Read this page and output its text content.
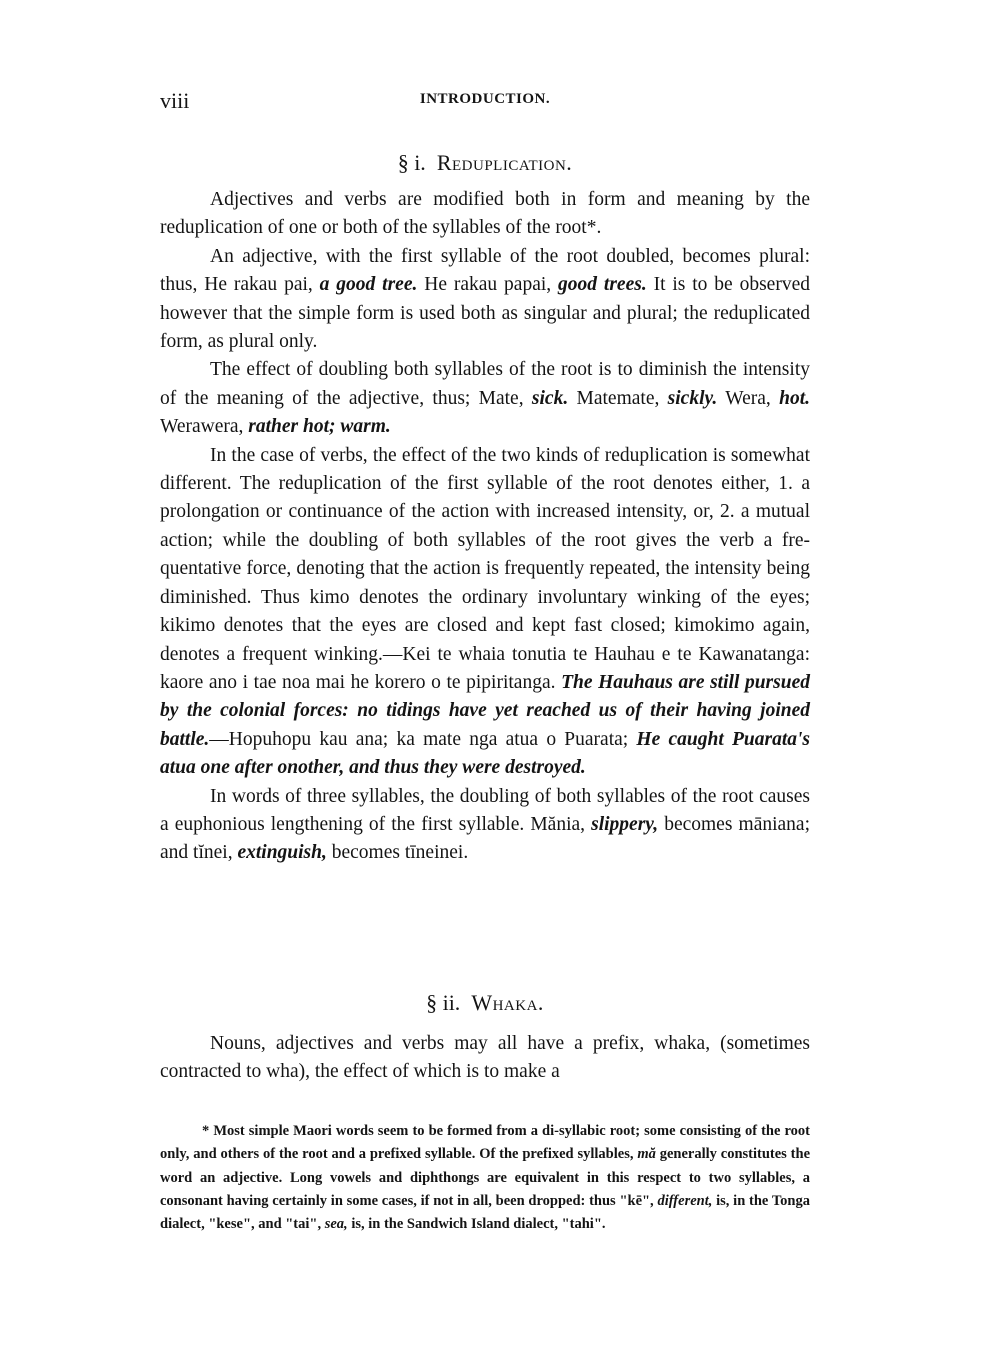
viii	INTRODUCTION.
§ i. Reduplication.

Adjectives and verbs are modified both in form and meaning by the reduplication of one or both of the syllables of the root*.

An adjective, with the first syllable of the root doubled, becomes plural: thus, He rakau pai, a good tree. He rakau papai, good trees. It is to be observed however that the simple form is used both as singular and plural; the reduplicated form, as plural only.

The effect of doubling both syllables of the root is to diminish the intensity of the meaning of the adjective, thus; Mate, sick. Matemate, sickly. Wera, hot. Werawera, rather hot; warm.

In the case of verbs, the effect of the two kinds of reduplication is somewhat different. The reduplication of the first syllable of the root denotes either, 1. a prolongation or continuance of the action with increased intensity, or, 2. a mutual action; while the doubling of both syllables of the root gives the verb a frequentative force, denoting that the action is frequently repeated, the intensity being diminished. Thus kimo denotes the ordinary involuntary winking of the eyes; kikimo denotes that the eyes are closed and kept fast closed; kimokimo again, denotes a frequent winking.—Kei te whaia tonutia te Hauhau e te Kawanatanga: kaore ano i tae noa mai he korero o te pipiritanga. The Hauhaus are still pursued by the colonial forces: no tidings have yet reached us of their having joined battle.—Hopuhopu kau ana; ka mate nga atua o Puarata; He caught Puarata's atua one after onother, and thus they were destroyed.

In words of three syllables, the doubling of both syllables of the root causes a euphonious lengthening of the first syllable. Mănia, slippery, becomes māniana; and tĭnei, extinguish, becomes tīneinei.

§ ii. Whaka.

Nouns, adjectives and verbs may all have a prefix, whaka, (sometimes contracted to wha), the effect of which is to make a

* Most simple Maori words seem to be formed from a di-syllabic root; some consisting of the root only, and others of the root and a prefixed syllable. Of the prefixed syllables, mă generally constitutes the word an adjective. Long vowels and diphthongs are equivalent in this respect to two syllables, a consonant having certainly in some cases, if not in all, been dropped: thus "kē", different, is, in the Tonga dialect, "kese", and "tai", sea, is, in the Sandwich Island dialect, "tahi".
